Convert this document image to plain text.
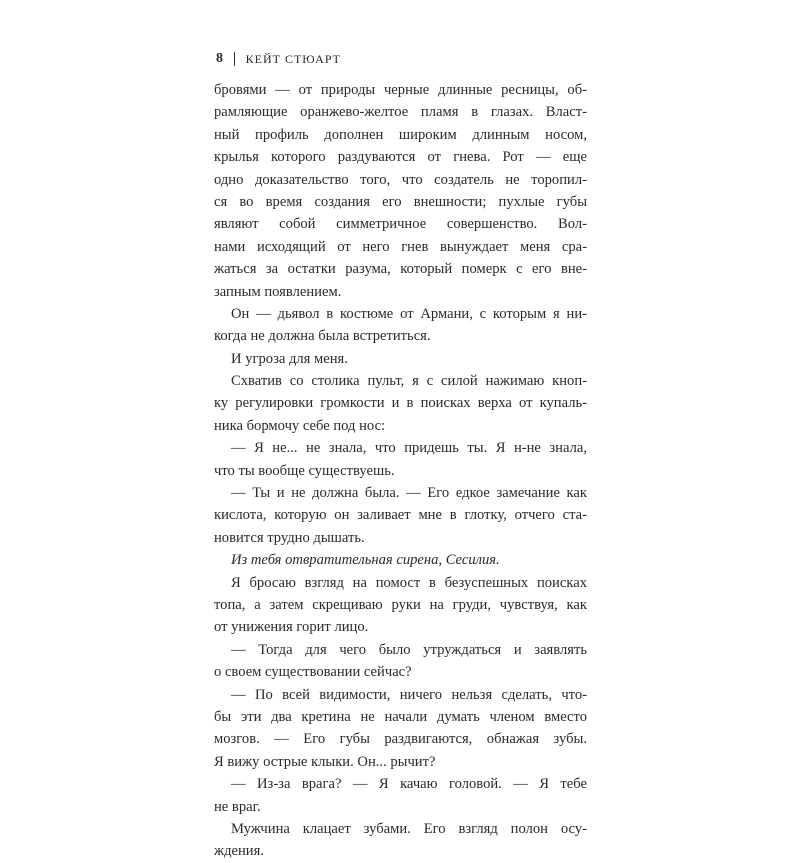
8 КЕЙТ СТЮАРТ
бровями — от природы черные длинные ресницы, об-
рамляющие оранжево-желтое пламя в глазах. Власт-
ный профиль дополнен широким длинным носом,
крылья которого раздуваются от гнева. Рот — еще
одно доказательство того, что создатель не торопил-
ся во время создания его внешности; пухлые губы
являют собой симметричное совершенство. Вол-
нами исходящий от него гнев вынуждает меня сра-
жаться за остатки разума, который померк с его вне-
запным появлением.
Он — дьявол в костюме от Армани, с которым я ни-
когда не должна была встретиться.
И угроза для меня.
Схватив со столика пульт, я с силой нажимаю кноп-
ку регулировки громкости и в поисках верха от купаль-
ника бормочу себе под нос:
— Я не... не знала, что придешь ты. Я н-не знала,
что ты вообще существуешь.
— Ты и не должна была. — Его едкое замечание как
кислота, которую он заливает мне в глотку, отчего ста-
новится трудно дышать.
Из тебя отвратительная сирена, Сесилия.
Я бросаю взгляд на помост в безуспешных поисках
топа, а затем скрещиваю руки на груди, чувствуя, как
от унижения горит лицо.
— Тогда для чего было утруждаться и заявлять
о своем существовании сейчас?
— По всей видимости, ничего нельзя сделать, что-
бы эти два кретина не начали думать членом вместо
мозгов. — Его губы раздвигаются, обнажая зубы.
Я вижу острые клыки. Он... рычит?
— Из-за врага? — Я качаю головой. — Я тебе
не враг.
Мужчина клацает зубами. Его взгляд полон осу-
ждения.
